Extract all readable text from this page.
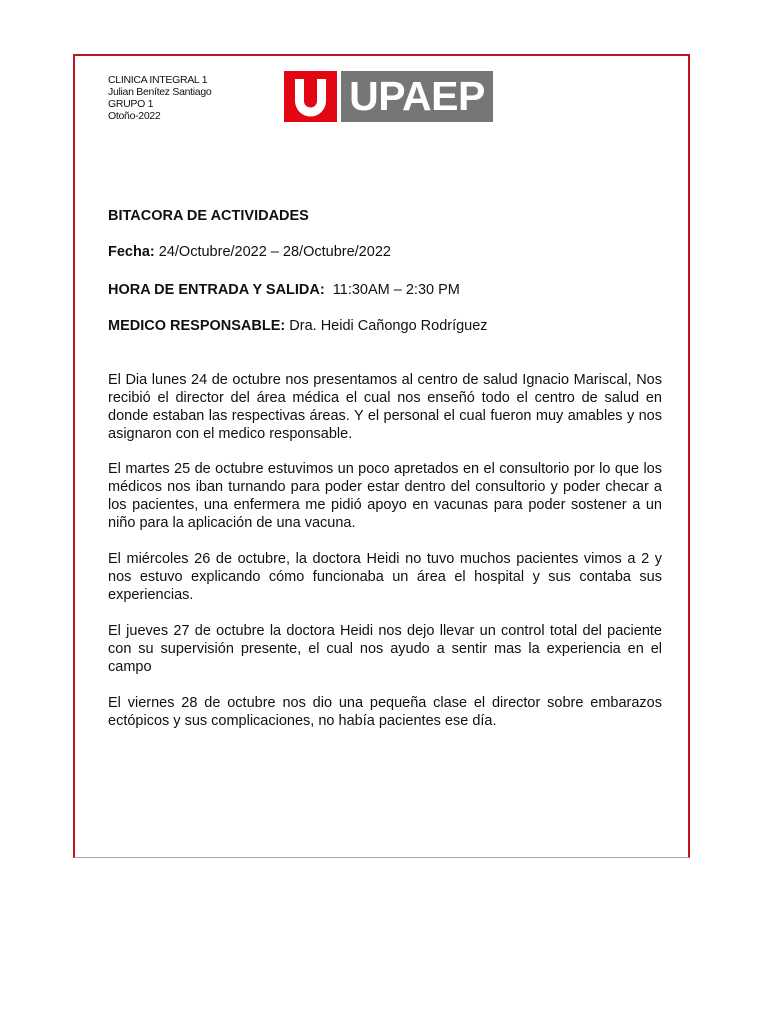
CLINICA INTEGRAL 1
Julian Benítez Santiago
GRUPO 1
Otoño-2022	UPAEP
BITACORA DE ACTIVIDADES
Fecha: 24/Octubre/2022 – 28/Octubre/2022
HORA DE ENTRADA Y SALIDA:  11:30AM – 2:30 PM
MEDICO RESPONSABLE: Dra. Heidi Cañongo Rodríguez

El Dia lunes 24 de octubre nos presentamos al centro de salud Ignacio Mariscal, Nos recibió el director del área médica el cual nos enseñó todo el centro de salud en donde estaban las respectivas áreas. Y el personal el cual fueron muy amables y nos asignaron con el medico responsable.

El martes 25 de octubre estuvimos un poco apretados en el consultorio por lo que los médicos nos iban turnando para poder estar dentro del consultorio y poder checar a los pacientes, una enfermera me pidió apoyo en vacunas para poder sostener a un niño para la aplicación de una vacuna.

El miércoles 26 de octubre, la doctora Heidi no tuvo muchos pacientes vimos a 2 y nos estuvo explicando cómo funcionaba un área el hospital y sus contaba sus experiencias.

El jueves 27 de octubre la doctora Heidi nos dejo llevar un control total del paciente con su supervisión presente, el cual nos ayudo a sentir mas la experiencia en el campo

El viernes 28 de octubre nos dio una pequeña clase el director sobre embarazos ectópicos y sus complicaciones, no había pacientes ese día.
